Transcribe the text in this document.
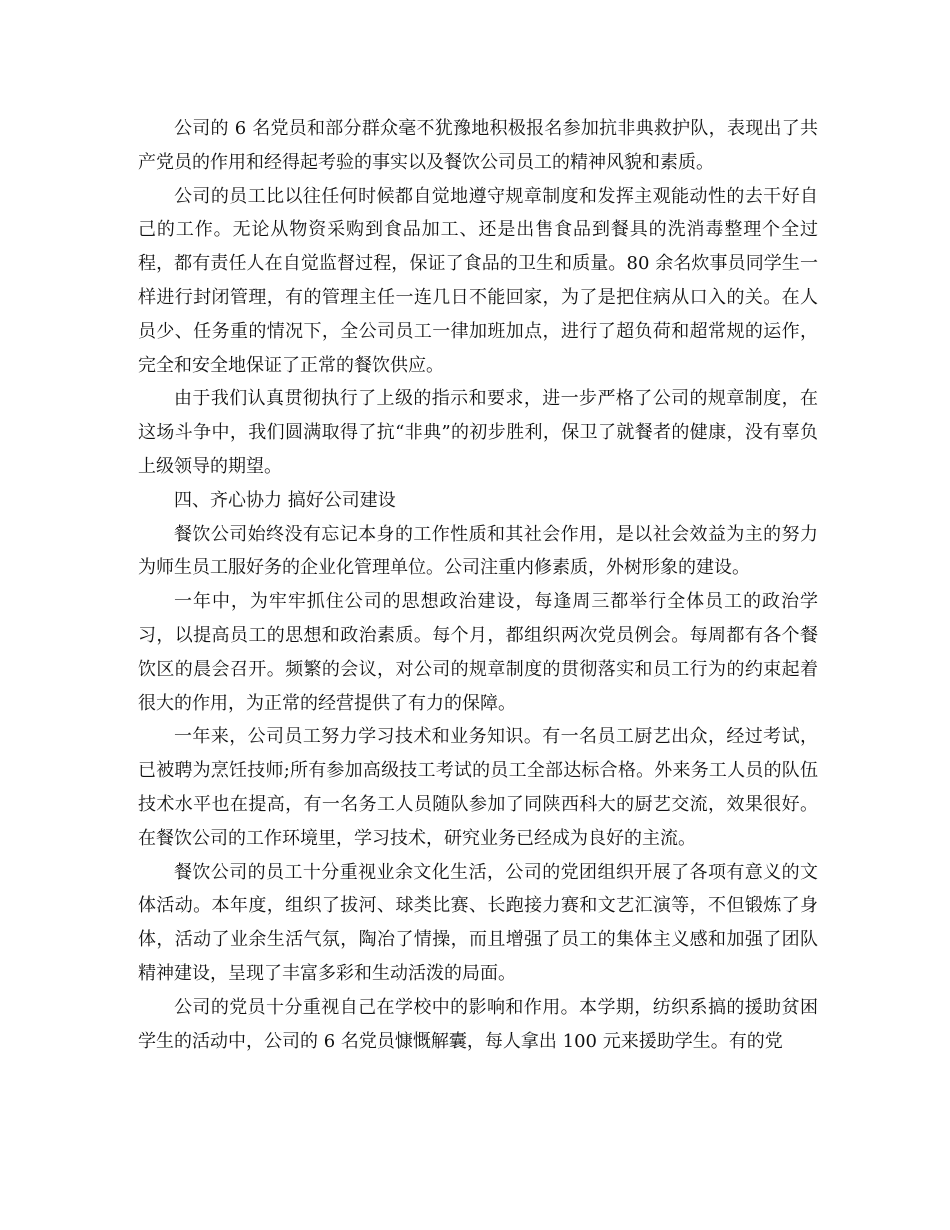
公司的 6 名党员和部分群众毫不犹豫地积极报名参加抗非典救护队，表现出了共产党员的作用和经得起考验的事实以及餐饮公司员工的精神风貌和素质。

公司的员工比以往任何时候都自觉地遵守规章制度和发挥主观能动性的去干好自己的工作。无论从物资采购到食品加工、还是出售食品到餐具的洗消毒整理个全过程，都有责任人在自觉监督过程，保证了食品的卫生和质量。80 余名炊事员同学生一样进行封闭管理，有的管理主任一连几日不能回家，为了是把住病从口入的关。在人员少、任务重的情况下，全公司员工一律加班加点，进行了超负荷和超常规的运作，完全和安全地保证了正常的餐饮供应。

由于我们认真贯彻执行了上级的指示和要求，进一步严格了公司的规章制度，在这场斗争中，我们圆满取得了抗“非典”的初步胜利，保卫了就餐者的健康，没有辜负上级领导的期望。

四、齐心协力 搞好公司建设

餐饮公司始终没有忘记本身的工作性质和其社会作用，是以社会效益为主的努力为师生员工服好务的企业化管理单位。公司注重内修素质，外树形象的建设。

一年中，为牢牢抓住公司的思想政治建设，每逢周三都举行全体员工的政治学习，以提高员工的思想和政治素质。每个月，都组织两次党员例会。每周都有各个餐饮区的晨会召开。频繁的会议，对公司的规章制度的贯彻落实和员工行为的约束起着很大的作用，为正常的经营提供了有力的保障。

一年来，公司员工努力学习技术和业务知识。有一名员工厨艺出众，经过考试，已被聘为烹饪技师;所有参加高级技工考试的员工全部达标合格。外来务工人员的队伍技术水平也在提高，有一名务工人员随队参加了同陕西科大的厨艺交流，效果很好。在餐饮公司的工作环境里，学习技术，研究业务已经成为良好的主流。

餐饮公司的员工十分重视业余文化生活，公司的党团组织开展了各项有意义的文体活动。本年度，组织了拔河、球类比赛、长跑接力赛和文艺汇演等，不但锻炼了身体，活动了业余生活气氛，陶冶了情操，而且增强了员工的集体主义感和加强了团队精神建设，呈现了丰富多彩和生动活泼的局面。

公司的党员十分重视自己在学校中的影响和作用。本学期，纺织系搞的援助贫困学生的活动中，公司的 6 名党员慷慨解囊，每人拿出 100 元来援助学生。有的党
